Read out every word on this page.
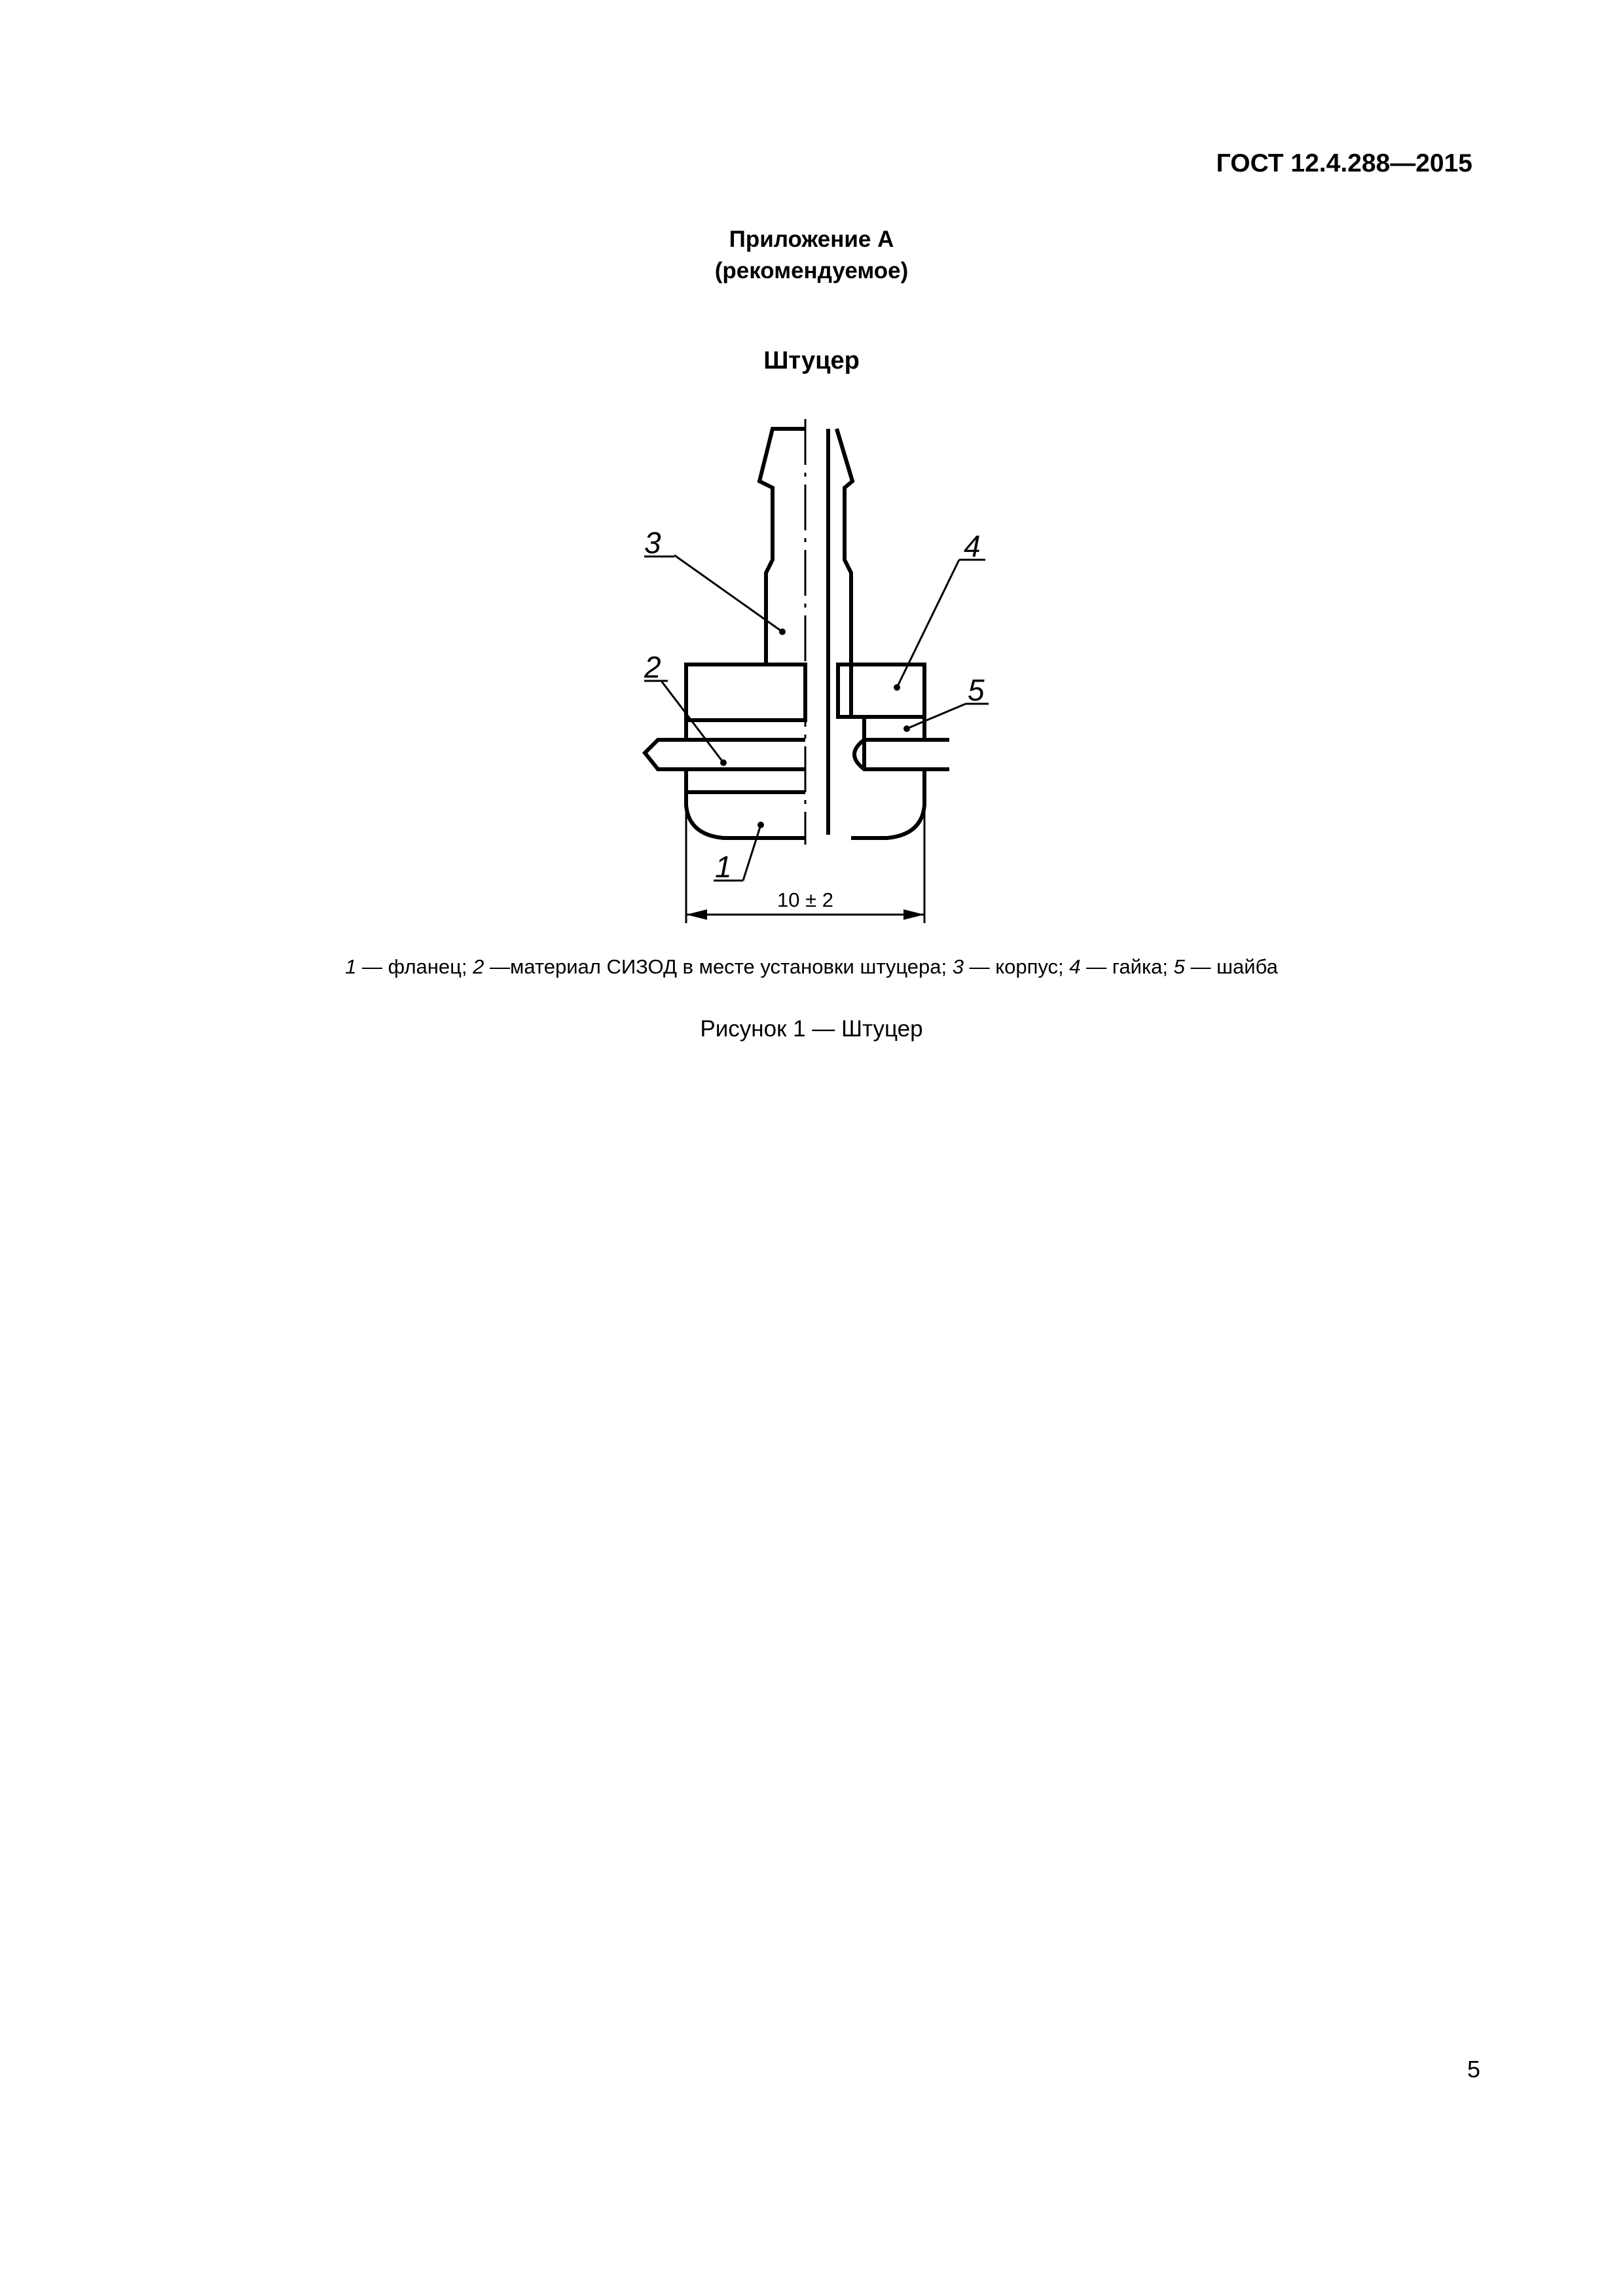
ГОСТ 12.4.288—2015
Приложение А
(рекомендуемое)
Штуцер
3
2
4
5
1
10 ± 2
1 — фланец; 2 —материал СИЗОД в месте установки штуцера; 3 — корпус; 4 — гайка; 5 — шайба
Рисунок 1 — Штуцер
5
